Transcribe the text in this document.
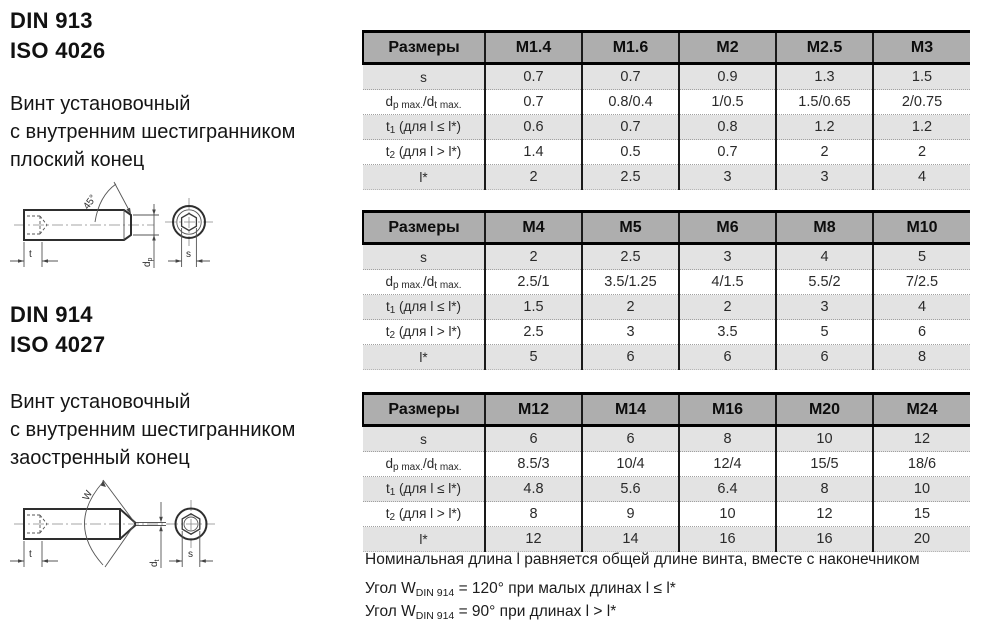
DIN 913
ISO 4026
Винт установочный
с внутренним шестигранником
плоский конец
45°
$d_p$
t	s
DIN 914
ISO 4027
Винт установочный
с внутренним шестигранником
заостренный конец
W
$d_t$
t	s
Размеры	M1.4	M1.6	M2	M2.5	M3
s	0.7	0.7	0.9	1.3	1.5
dp max./dt max.	0.7	0.8/0.4	1/0.5	1.5/0.65	2/0.75
t1 (для l ≤ l*)	0.6	0.7	0.8	1.2	1.2
t2 (для l > l*)	1.4	0.5	0.7	2	2
l*	2	2.5	3	3	4
Размеры	M4	M5	M6	M8	M10
s	2	2.5	3	4	5
dp max./dt max.	2.5/1	3.5/1.25	4/1.5	5.5/2	7/2.5
t1 (для l ≤ l*)	1.5	2	2	3	4
t2 (для l > l*)	2.5	3	3.5	5	6
l*	5	6	6	6	8
Размеры	M12	M14	M16	M20	M24
s	6	6	8	10	12
dp max./dt max.	8.5/3	10/4	12/4	15/5	18/6
t1 (для l ≤ l*)	4.8	5.6	6.4	8	10
t2 (для l > l*)	8	9	10	12	15
l*	12	14	16	16	20
Номинальная длина l равняется общей длине винта, вместе с наконечником
Угол WDIN 914 = 120° при малых длинах l ≤ l*
Угол WDIN 914 = 90° при длинах l > l*
